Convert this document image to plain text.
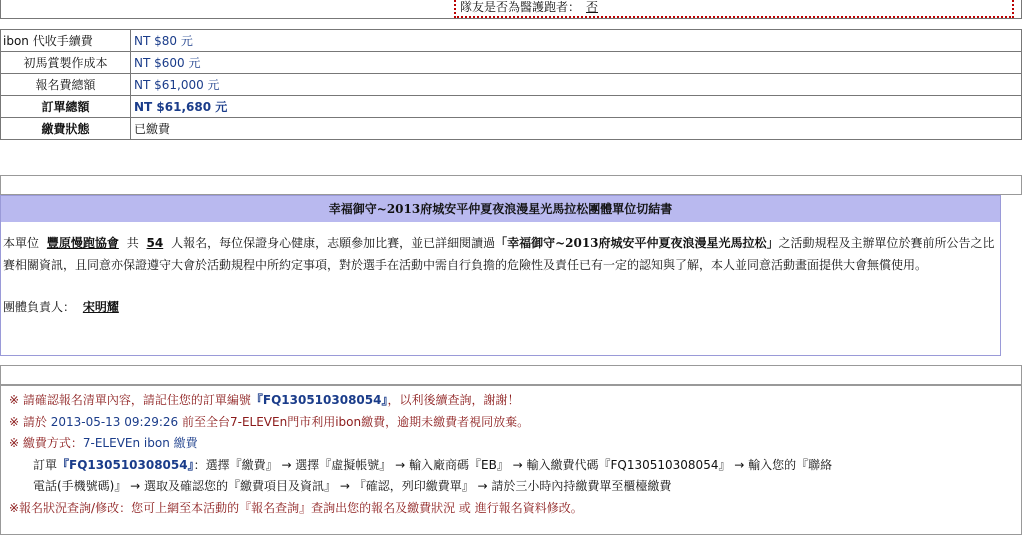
隊友是否為醫護跑者： 否
ibon 代收手續費	NT $80 元
初馬賞製作成本	NT $600 元
報名費總額	NT $61,000 元
訂單總額	NT $61,680 元
繳費狀態	已繳費
幸福御守~2013府城安平仲夏夜浪漫星光馬拉松團體單位切結書
本單位 豐原慢跑協會 共 54 人報名，每位保證身心健康，志願參加比賽，並已詳細閱讀過「幸福御守~2013府城安平仲夏夜浪漫星光馬拉松」之活動規程及主辦單位於賽前所公告之比賽相關資訊，且同意亦保證遵守大會於活動規程中所約定事項，對於選手在活動中需自行負擔的危險性及責任已有一定的認知與了解，本人並同意活動畫面提供大會無償使用。
團體負責人： 宋明耀
※ 請確認報名清單內容，請記住您的訂單編號『FQ130510308054』，以利後續查詢，謝謝！
※ 請於 2013-05-13 09:29:26 前至全台7-ELEVEn門市利用ibon繳費，逾期未繳費者視同放棄。
※ 繳費方式：7-ELEVEn ibon 繳費
訂單『FQ130510308054』：選擇『繳費』 → 選擇『虛擬帳號』 → 輸入廠商碼『EB』 → 輸入繳費代碼『FQ130510308054』 → 輸入您的『聯絡
電話(手機號碼)』 → 選取及確認您的『繳費項目及資訊』 → 『確認，列印繳費單』 → 請於三小時內持繳費單至櫃檯繳費
※報名狀況查詢/修改：您可上網至本活動的『報名查詢』查詢出您的報名及繳費狀況 或 進行報名資料修改。
